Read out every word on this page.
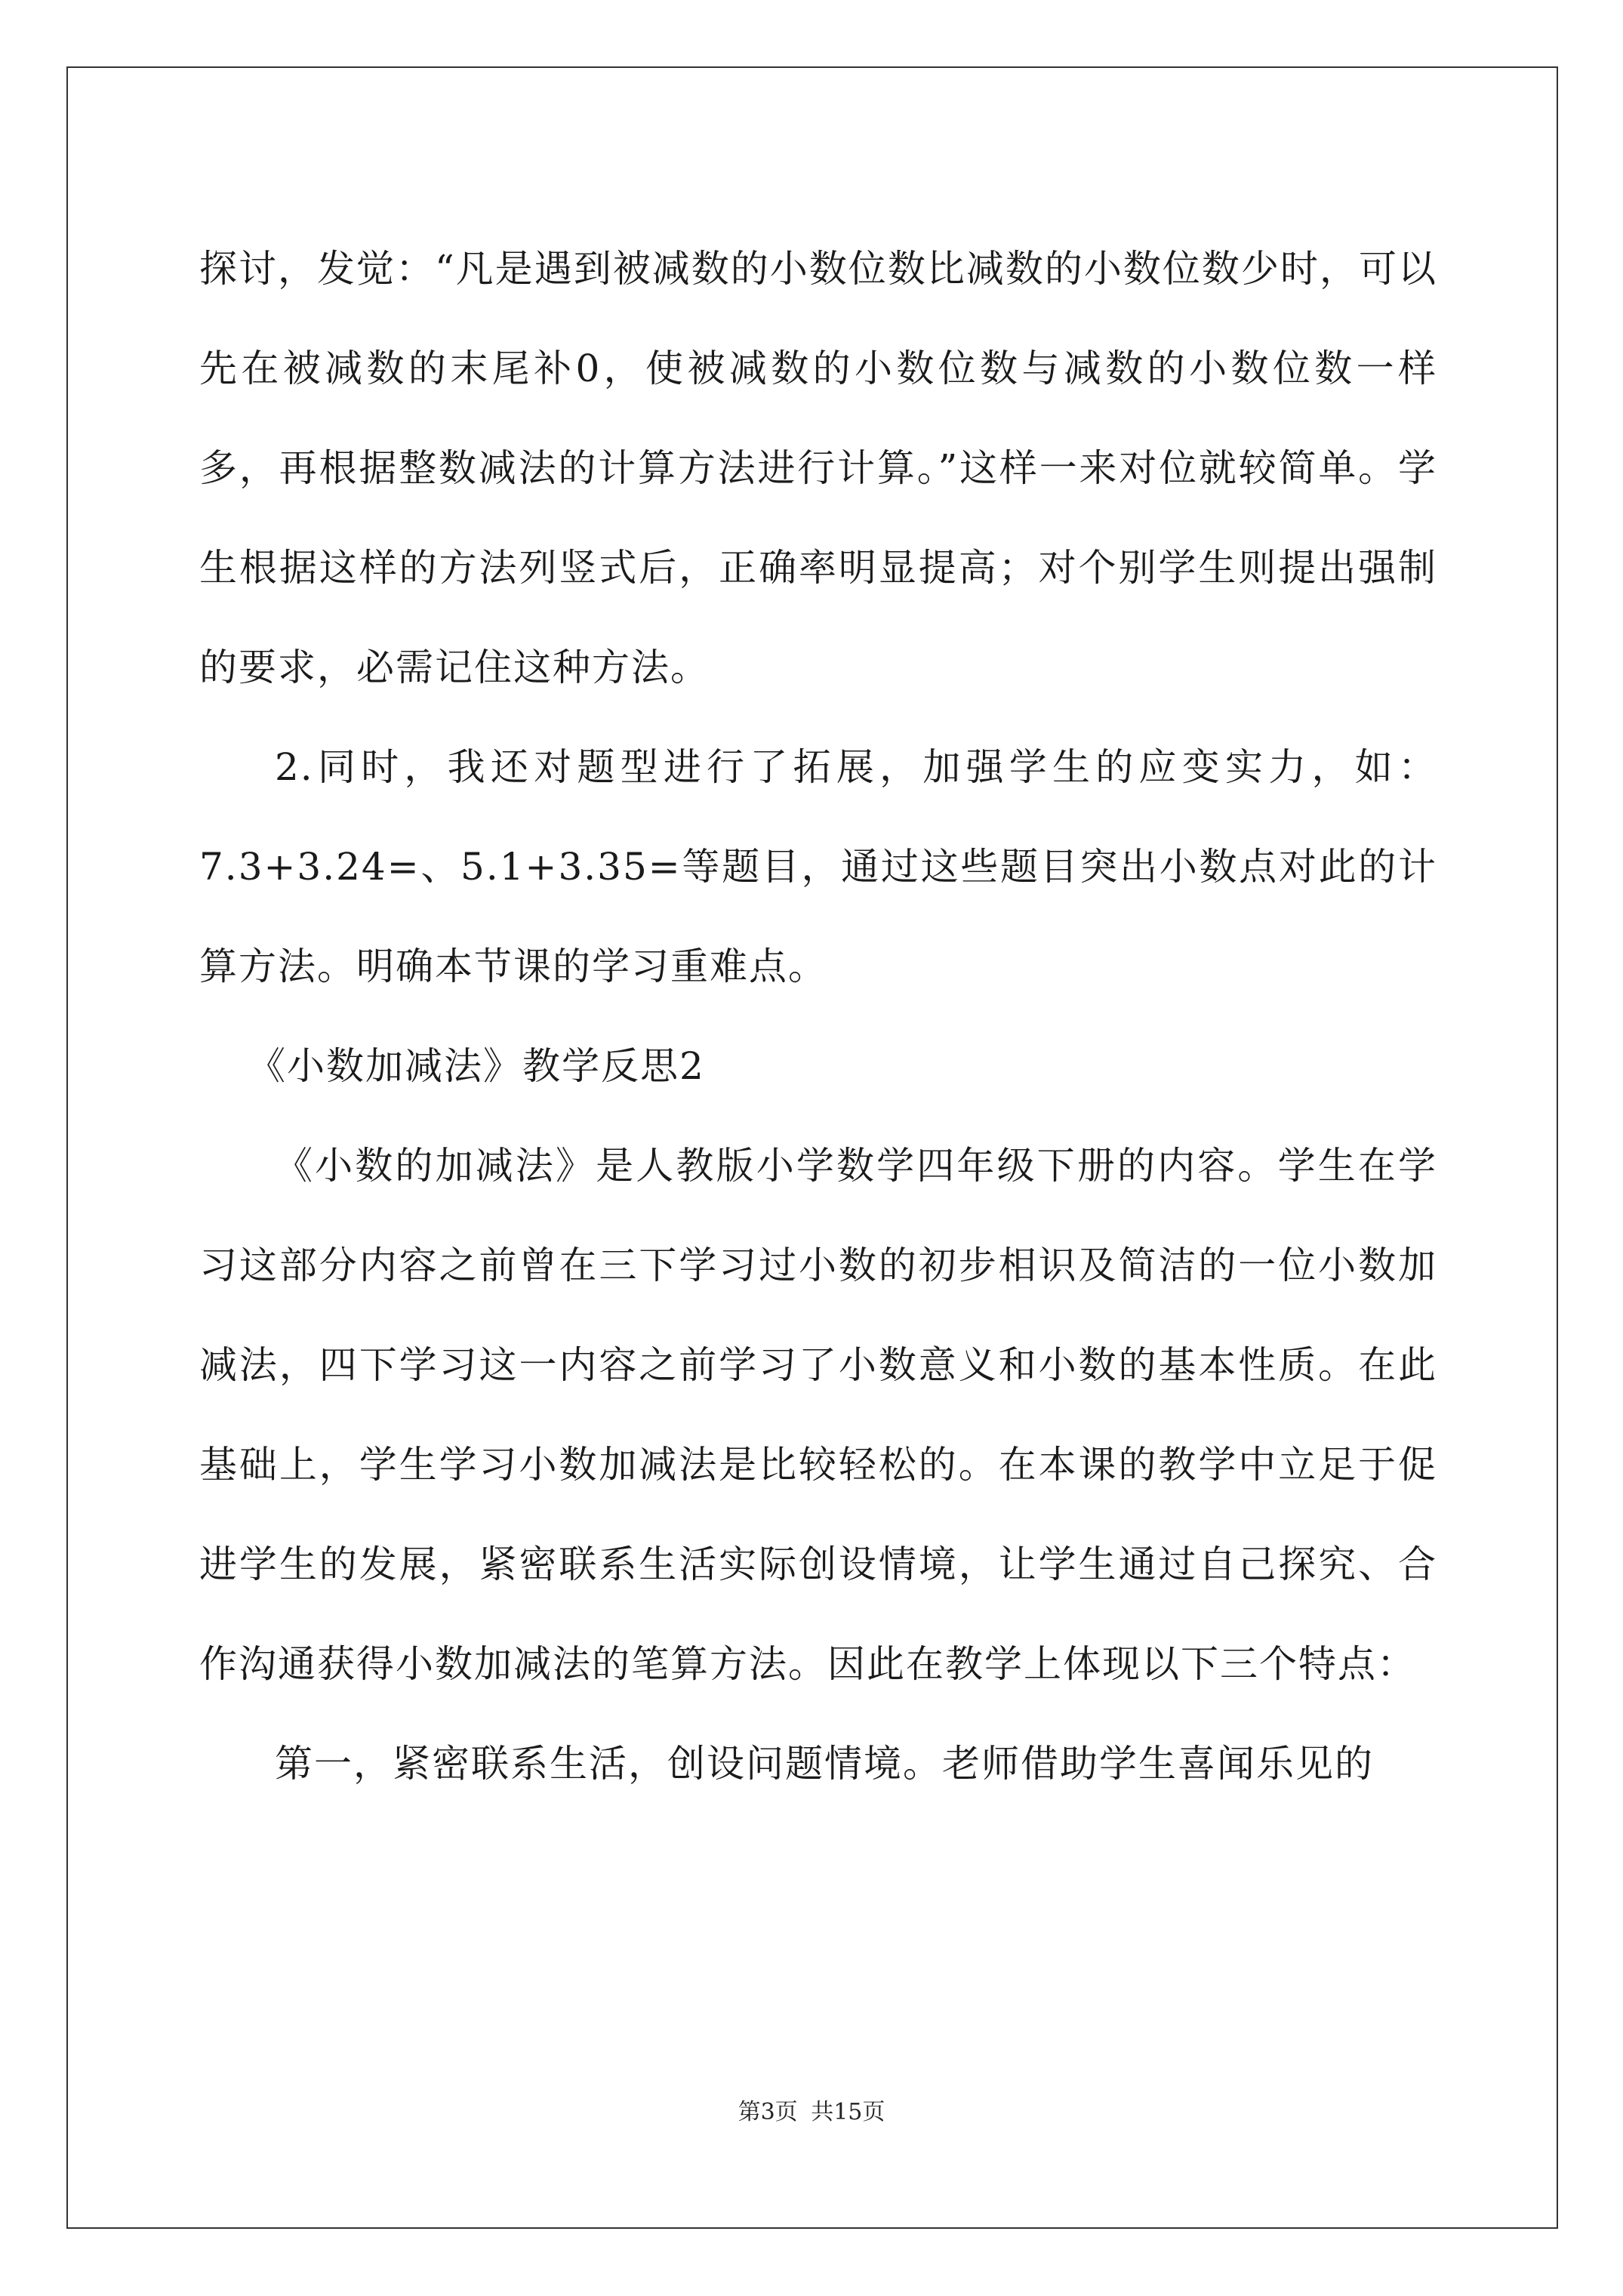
探讨，发觉：“凡是遇到被减数的小数位数比减数的小数位数少时，可以先在被减数的末尾补0，使被减数的小数位数与减数的小数位数一样多，再根据整数减法的计算方法进行计算。”这样一来对位就较简单。学生根据这样的方法列竖式后，正确率明显提高；对个别学生则提出强制的要求，必需记住这种方法。

2.同时，我还对题型进行了拓展，加强学生的应变实力，如：7.3+3.24=、5.1+3.35=等题目，通过这些题目突出小数点对此的计算方法。明确本节课的学习重难点。

《小数加减法》教学反思2

《小数的加减法》是人教版小学数学四年级下册的内容。学生在学习这部分内容之前曾在三下学习过小数的初步相识及简洁的一位小数加减法，四下学习这一内容之前学习了小数意义和小数的基本性质。在此基础上，学生学习小数加减法是比较轻松的。在本课的教学中立足于促进学生的发展，紧密联系生活实际创设情境，让学生通过自己探究、合作沟通获得小数加减法的笔算方法。因此在教学上体现以下三个特点：

第一，紧密联系生活，创设问题情境。老师借助学生喜闻乐见的

第3页 共15页
